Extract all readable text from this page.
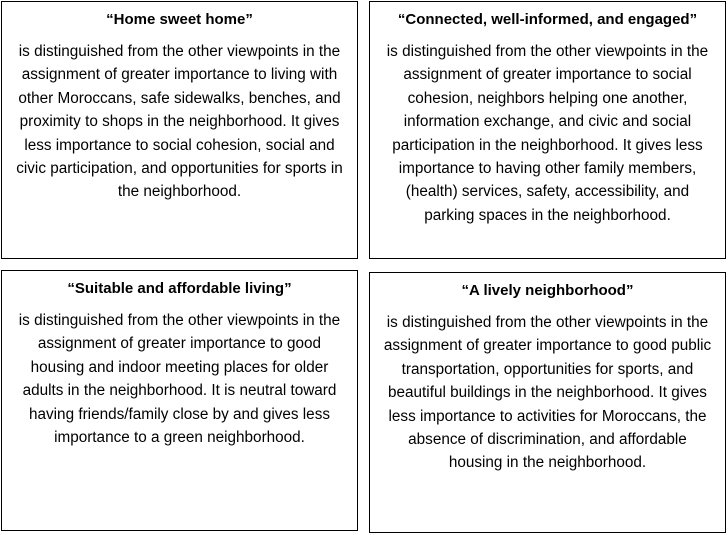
“Home sweet home”
is distinguished from the other viewpoints in the assignment of greater importance to living with other Moroccans, safe sidewalks, benches, and proximity to shops in the neighborhood. It gives less importance to social cohesion, social and civic participation, and opportunities for sports in the neighborhood.
“Connected, well-informed, and engaged”
is distinguished from the other viewpoints in the assignment of greater importance to social cohesion, neighbors helping one another, information exchange, and civic and social participation in the neighborhood. It gives less importance to having other family members, (health) services, safety, accessibility, and parking spaces in the neighborhood.
“Suitable and affordable living”
is distinguished from the other viewpoints in the assignment of greater importance to good housing and indoor meeting places for older adults in the neighborhood. It is neutral toward having friends/family close by and gives less importance to a green neighborhood.
“A lively neighborhood”
is distinguished from the other viewpoints in the assignment of greater importance to good public transportation, opportunities for sports, and beautiful buildings in the neighborhood. It gives less importance to activities for Moroccans, the absence of discrimination, and affordable housing in the neighborhood.
